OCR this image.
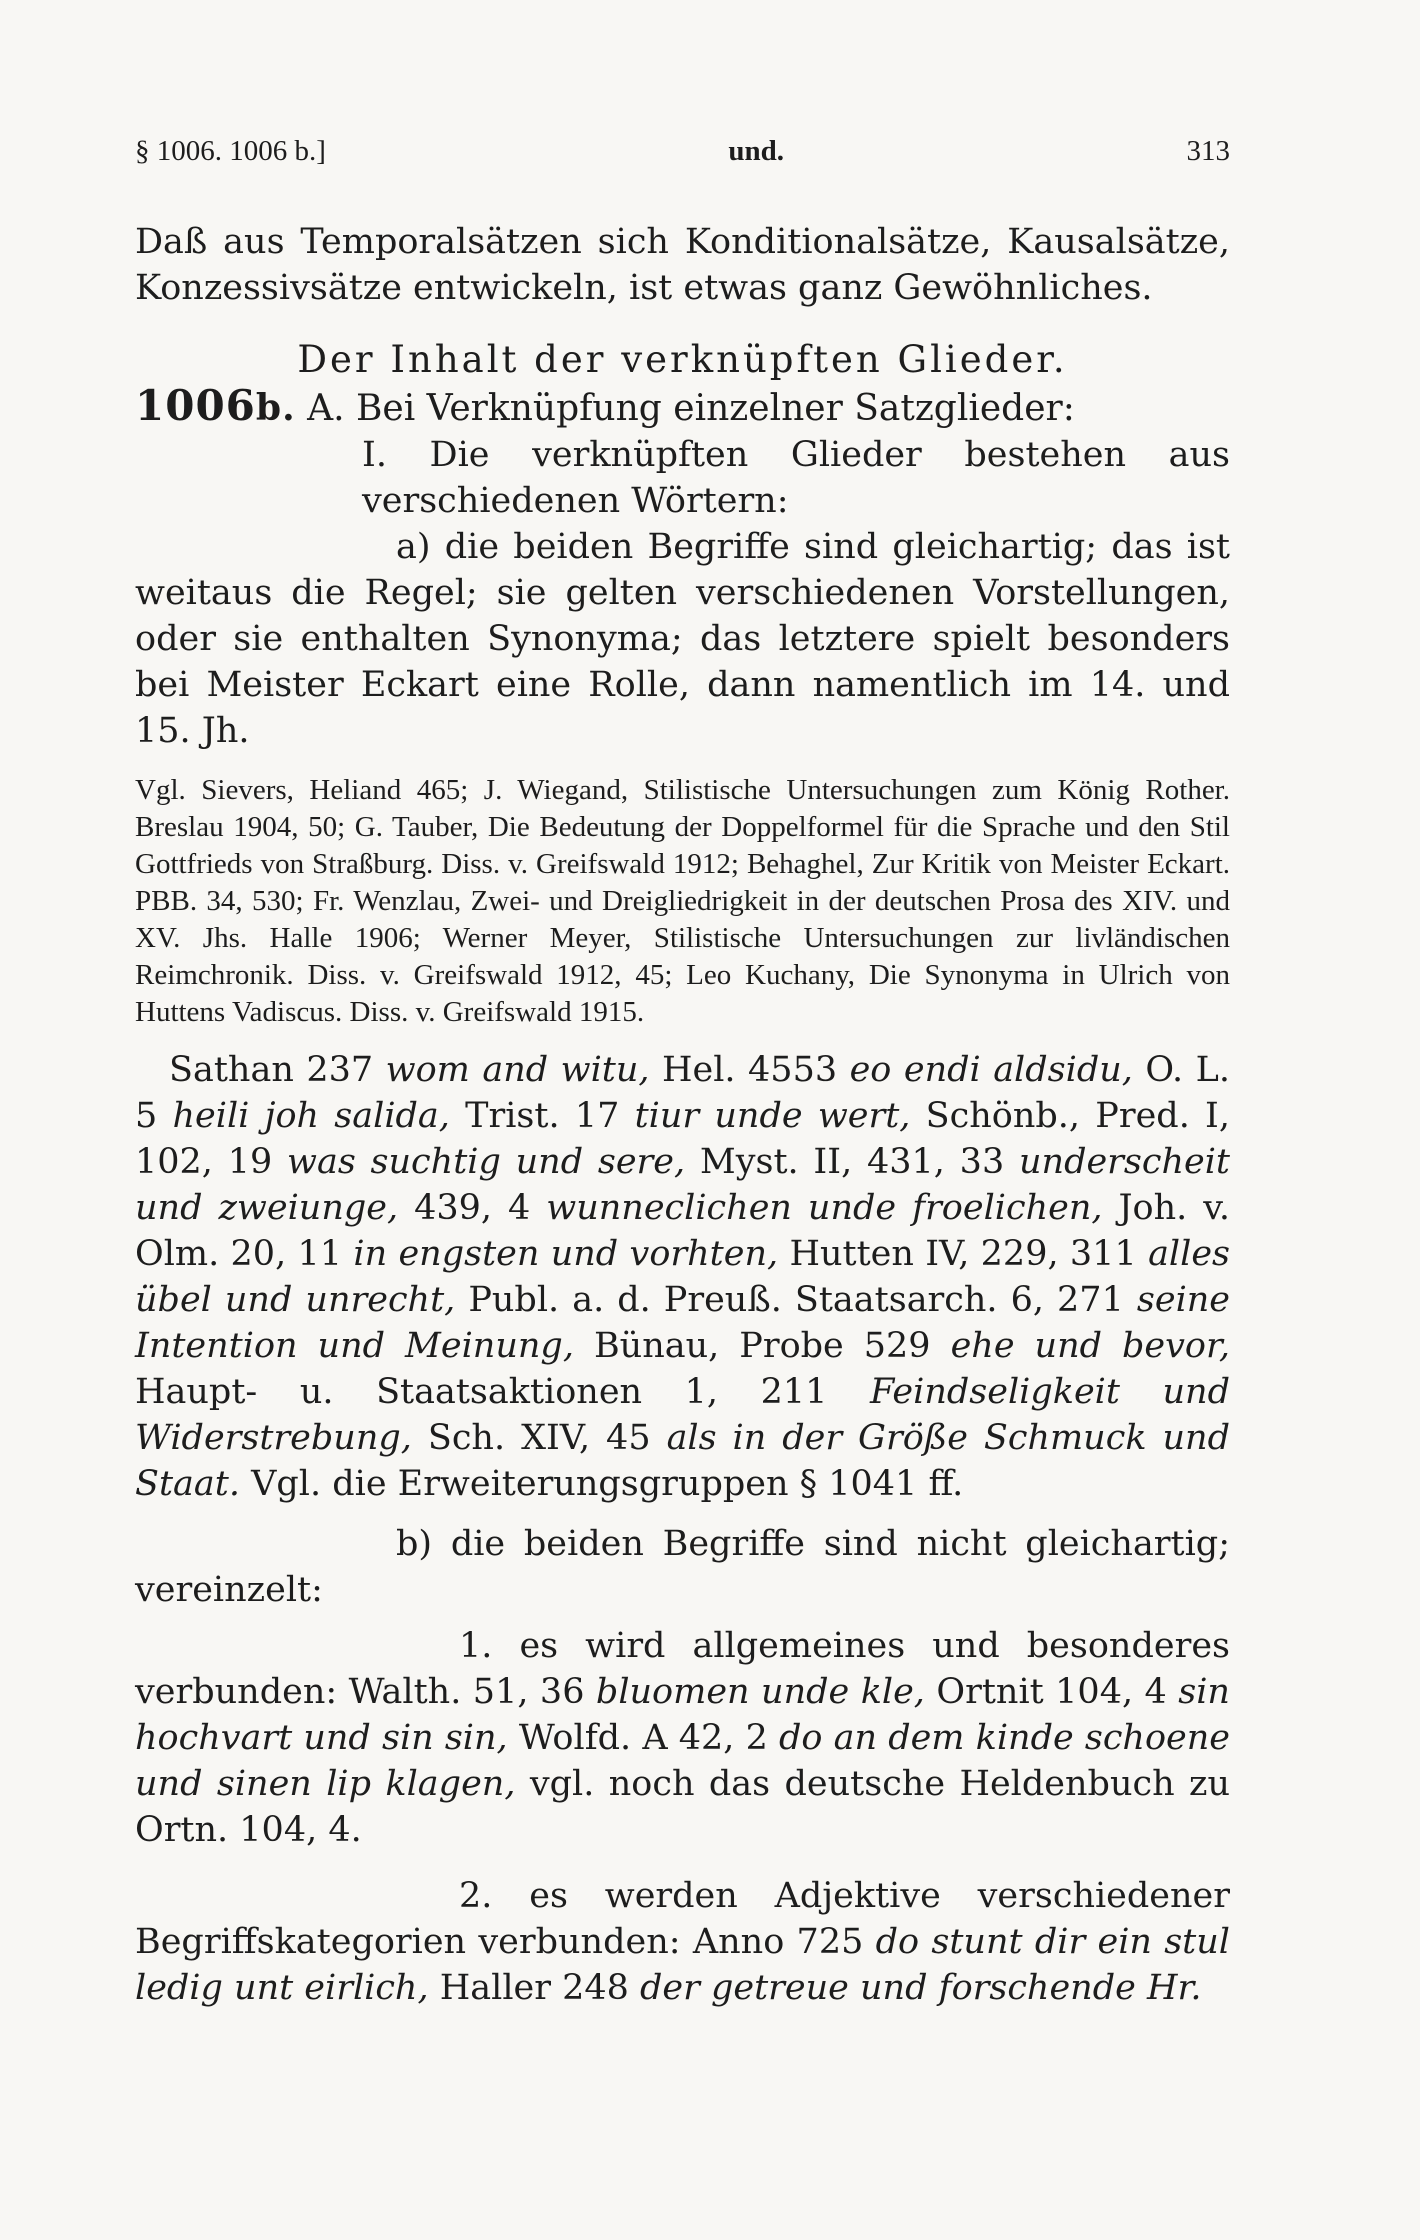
§ 1006. 1006 b.]	und.	313

Daß aus Temporalsätzen sich Konditionalsätze, Kausalsätze, Konzessivsätze entwickeln, ist etwas ganz Gewöhnliches.

Der Inhalt der verknüpften Glieder.

1006b. A. Bei Verknüpfung einzelner Satzglieder:

I. Die verknüpften Glieder bestehen aus verschiedenen Wörtern:

a) die beiden Begriffe sind gleichartig; das ist weitaus die Regel; sie gelten verschiedenen Vorstellungen, oder sie enthalten Synonyma; das letztere spielt besonders bei Meister Eckart eine Rolle, dann namentlich im 14. und 15. Jh.

Vgl. Sievers, Heliand 465; J. Wiegand, Stilistische Untersuchungen zum König Rother. Breslau 1904, 50; G. Tauber, Die Bedeutung der Doppelformel für die Sprache und den Stil Gottfrieds von Straßburg. Diss. v. Greifswald 1912; Behaghel, Zur Kritik von Meister Eckart. PBB. 34, 530; Fr. Wenzlau, Zwei- und Dreigliedrigkeit in der deutschen Prosa des XIV. und XV. Jhs. Halle 1906; Werner Meyer, Stilistische Untersuchungen zur livländischen Reimchronik. Diss. v. Greifswald 1912, 45; Leo Kuchany, Die Synonyma in Ulrich von Huttens Vadiscus. Diss. v. Greifswald 1915.

Sathan 237 wom and witu, Hel. 4553 eo endi aldsidu, O. L. 5 heili joh salida, Trist. 17 tiur unde wert, Schönb., Pred. I, 102, 19 was suchtig und sere, Myst. II, 431, 33 underscheit und zweiunge, 439, 4 wunneclichen unde froelichen, Joh. v. Olm. 20, 11 in engsten und vorhten, Hutten IV, 229, 311 alles übel und unrecht, Publ. a. d. Preuß. Staatsarch. 6, 271 seine Intention und Meinung, Bünau, Probe 529 ehe und bevor, Haupt- u. Staatsaktionen 1, 211 Feindseligkeit und Widerstrebung, Sch. XIV, 45 als in der Größe Schmuck und Staat. Vgl. die Erweiterungsgruppen § 1041 ff.

b) die beiden Begriffe sind nicht gleichartig; vereinzelt:

1. es wird allgemeines und besonderes verbunden: Walth. 51, 36 bluomen unde kle, Ortnit 104, 4 sin hochvart und sin sin, Wolfd. A 42, 2 do an dem kinde schoene und sinen lip klagen, vgl. noch das deutsche Heldenbuch zu Ortn. 104, 4.

2. es werden Adjektive verschiedener Begriffskategorien verbunden: Anno 725 do stunt dir ein stul ledig unt eirlich, Haller 248 der getreue und forschende Hr.
